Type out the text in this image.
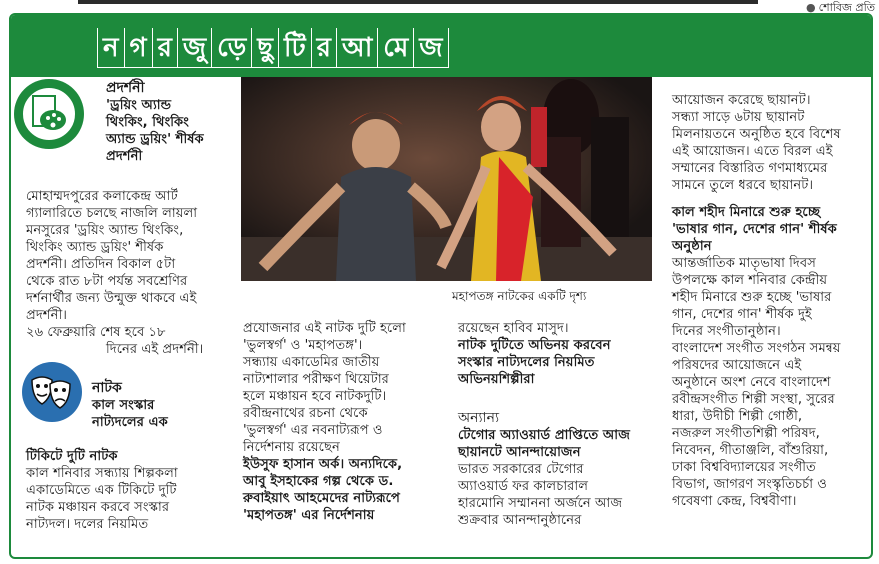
● শোবিজ প্রতি
ন গ র জু ড়ে ছু টি র আ মে জ

প্রদর্শনী

'ড্রয়িং অ্যান্ড

থিংকিং, থিংকিং

অ্যান্ড ড্রয়িং' শীর্ষক

প্রদর্শনী

মোহাম্মদপুরের কলাকেন্দ্র আর্ট

গ্যালারিতে চলছে নাজলি লায়লা

মনসুরের 'ড্রয়িং অ্যান্ড থিংকিং,

থিংকিং অ্যান্ড ড্রয়িং' শীর্ষক

প্রদর্শনী। প্রতিদিন বিকাল ৫টা

থেকে রাত ৮টা পর্যন্ত সবশ্রেণির

দর্শনার্থীর জন্য উন্মুক্ত থাকবে এই

প্রদর্শনী।

২৬ ফেব্রুয়ারি শেষ হবে ১৮

দিনের এই প্রদর্শনী।

নাটক

কাল সংস্কার

নাট্যদলের এক

টিকিটে দুটি নাটক

কাল শনিবার সন্ধ্যায় শিল্পকলা

একাডেমিতে এক টিকিটে দুটি

নাটক মঞ্চায়ন করবে সংস্কার

নাট্যদল। দলের নিয়মিত

মহাপতঙ্গ নাটকের একটি দৃশ্য

প্রযোজনার এই নাটক দুটি হলো

'ভুলস্বর্গ' ও 'মহাপতঙ্গ'।

সন্ধ্যায় একাডেমির জাতীয়

নাট্যশালার পরীক্ষণ থিয়েটার

হলে মঞ্চায়ন হবে নাটকদুটি।

রবীন্দ্রনাথের রচনা থেকে

'ভুলস্বর্গ' এর নবনাট্যরূপ ও

নির্দেশনায় রয়েছেন

ইউসুফ হাসান অর্ক। অন্যদিকে,

আবু ইসহাকের গল্প থেকে ড.

রুবাইয়াৎ আহমেদের নাট্যরূপে

'মহাপতঙ্গ' এর নির্দেশনায়

রয়েছেন হাবিব মাসুদ।

নাটক দুটিতে অভিনয় করবেন

সংস্কার নাট্যদলের নিয়মিত

অভিনয়শিল্পীরা

অন্যান্য

টেগোর অ্যাওয়ার্ড প্রাপ্তিতে আজ

ছায়ানটে আনন্দায়োজন

ভারত সরকারের টেগোর

অ্যাওয়ার্ড ফর কালচারাল

হারমোনি সম্মাননা অর্জনে আজ

শুক্রবার আনন্দানুষ্ঠানের

আয়োজন করেছে ছায়ানট।

সন্ধ্যা সাড়ে ৬টায় ছায়ানট

মিলনায়তনে অনুষ্ঠিত হবে বিশেষ

এই আয়োজন। এতে বিরল এই

সম্মানের বিস্তারিত গণমাধ্যমের

সামনে তুলে ধরবে ছায়ানট।

কাল শহীদ মিনারে শুরু হচ্ছে

'ভাষার গান, দেশের গান' শীর্ষক

অনুষ্ঠান

আন্তর্জাতিক মাতৃভাষা দিবস

উপলক্ষে কাল শনিবার কেন্দ্রীয়

শহীদ মিনারে শুরু হচ্ছে 'ভাষার

গান, দেশের গান' শীর্ষক দুই

দিনের সংগীতানুষ্ঠান।

বাংলাদেশ সংগীত সংগঠন সমন্বয়

পরিষদের আয়োজনে এই

অনুষ্ঠানে অংশ নেবে বাংলাদেশ

রবীন্দ্রসংগীত শিল্পী সংস্থা, সুরের

ধারা, উদীচী শিল্পী গোষ্ঠী,

নজরুল সংগীতশিল্পী পরিষদ,

নিবেদন, গীতাঞ্জলি, বাঁশুরিয়া,

ঢাকা বিশ্ববিদ্যালয়ের সংগীত

বিভাগ, জাগরণ সংস্কৃতিচর্চা ও

গবেষণা কেন্দ্র, বিশ্ববীণা।
